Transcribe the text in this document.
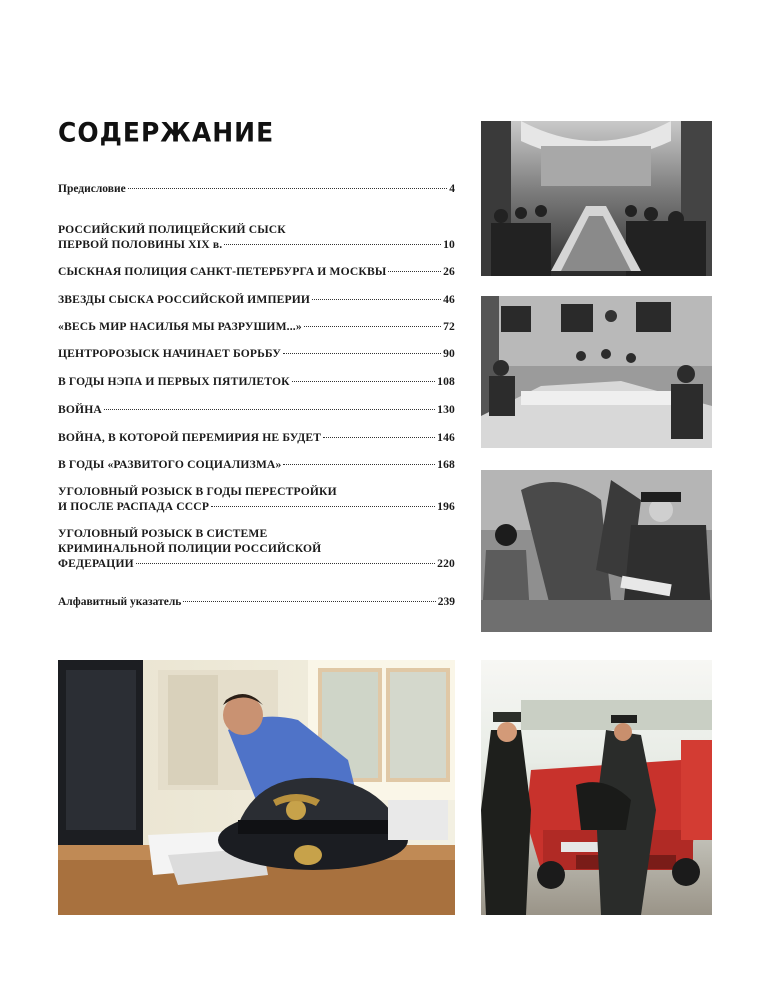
СОДЕРЖАНИЕ
Предисловие	4
РОССИЙСКИЙ ПОЛИЦЕЙСКИЙ СЫСК
ПЕРВОЙ ПОЛОВИНЫ XIX в.	10
СЫСКНАЯ ПОЛИЦИЯ САНКТ-ПЕТЕРБУРГА И МОСКВЫ	26
ЗВЕЗДЫ СЫСКА РОССИЙСКОЙ ИМПЕРИИ	46
«ВЕСЬ МИР НАСИЛЬЯ МЫ РАЗРУШИМ...»	72
ЦЕНТРОРОЗЫСК НАЧИНАЕТ БОРЬБУ	90
В ГОДЫ НЭПА И ПЕРВЫХ ПЯТИЛЕТОК	108
ВОЙНА	130
ВОЙНА, В КОТОРОЙ ПЕРЕМИРИЯ НЕ БУДЕТ	146
В ГОДЫ «РАЗВИТОГО СОЦИАЛИЗМА»	168
УГОЛОВНЫЙ РОЗЫСК В ГОДЫ ПЕРЕСТРОЙКИ
И ПОСЛЕ РАСПАДА СССР	196
УГОЛОВНЫЙ РОЗЫСК В СИСТЕМЕ
КРИМИНАЛЬНОЙ ПОЛИЦИИ РОССИЙСКОЙ
ФЕДЕРАЦИИ	220
Алфавитный указатель	239
